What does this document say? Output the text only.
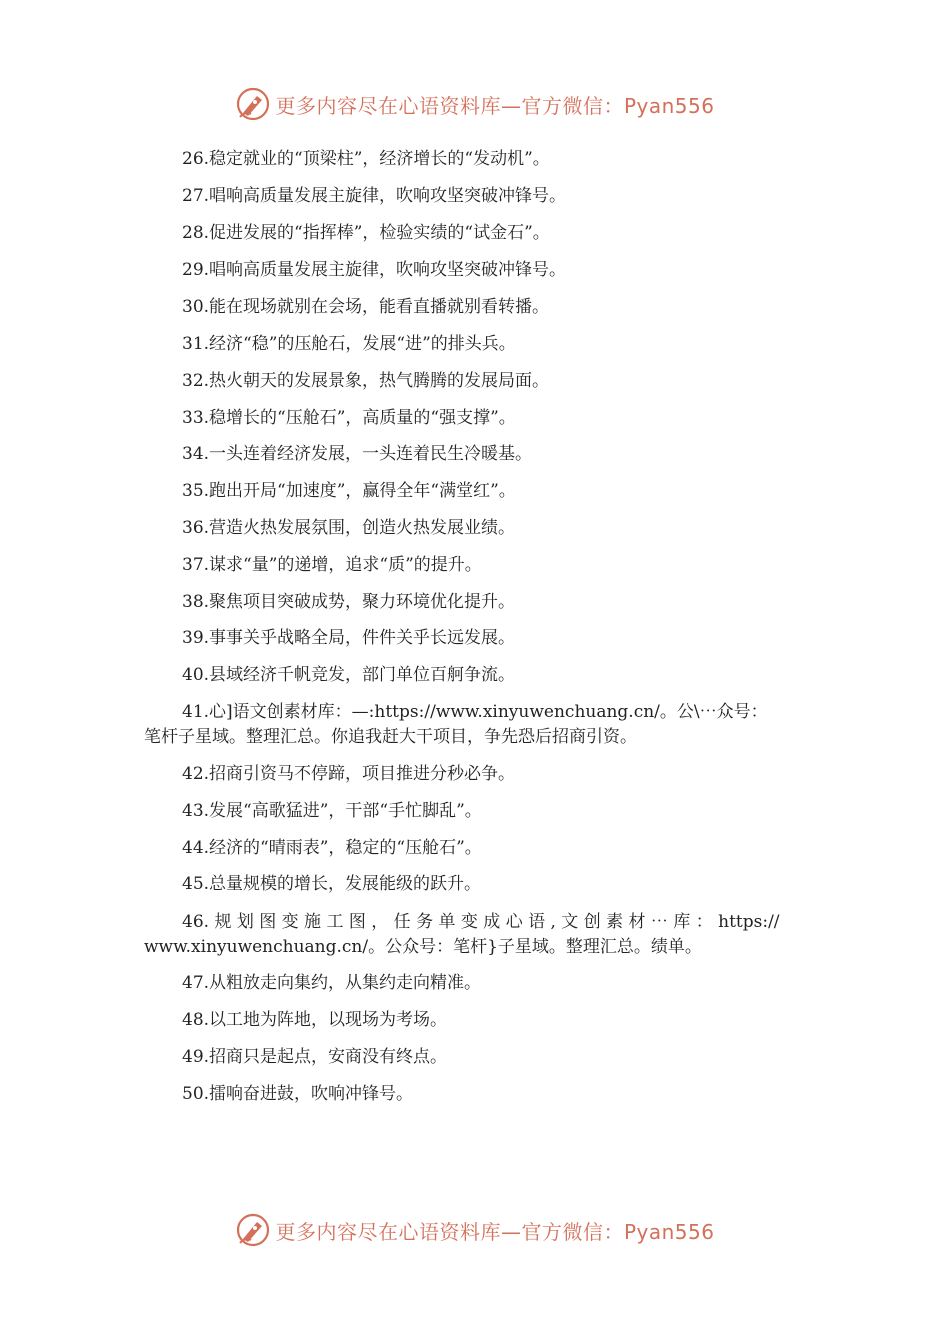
更多内容尽在心语资料库—官方微信：Pyan556
26.稳定就业的“顶梁柱”，经济增长的“发动机”。
27.唱响高质量发展主旋律，吹响攻坚突破冲锋号。
28.促进发展的“指挥棒”，检验实绩的“试金石”。
29.唱响高质量发展主旋律，吹响攻坚突破冲锋号。
30.能在现场就别在会场，能看直播就别看转播。
31.经济“稳”的压舱石，发展“进”的排头兵。
32.热火朝天的发展景象，热气腾腾的发展局面。
33.稳增长的“压舱石”，高质量的“强支撑”。
34.一头连着经济发展，一头连着民生冷暖基。
35.跑出开局“加速度”，赢得全年“满堂红”。
36.营造火热发展氛围，创造火热发展业绩。
37.谋求“量”的递增，追求“质”的提升。
38.聚焦项目突破成势，聚力环境优化提升。
39.事事关乎战略全局，件件关乎长远发展。
40.县域经济千帆竞发，部门单位百舸争流。
41.心]语文创素材库：—:https://www.xinyuwenchuang.cn/。公\⋯众号：
笔杆子星域。整理汇总。你追我赶大干项目，争先恐后招商引资。
42.招商引资马不停蹄，项目推进分秒必争。
43.发展“高歌猛进”，干部“手忙脚乱”。
44.经济的“晴雨表”，稳定的“压舱石”。
45.总量规模的增长，发展能级的跃升。
46. 规 划 图 变 施 工 图 ， 任 务 单 变 成 心 语 , 文 创 素 材 ⋯ 库 ： https://
www.xinyuwenchuang.cn/。公众号：笔杆}子星域。整理汇总。绩单。
47.从粗放走向集约，从集约走向精准。
48.以工地为阵地，以现场为考场。
49.招商只是起点，安商没有终点。
50.擂响奋进鼓，吹响冲锋号。
更多内容尽在心语资料库—官方微信：Pyan556
